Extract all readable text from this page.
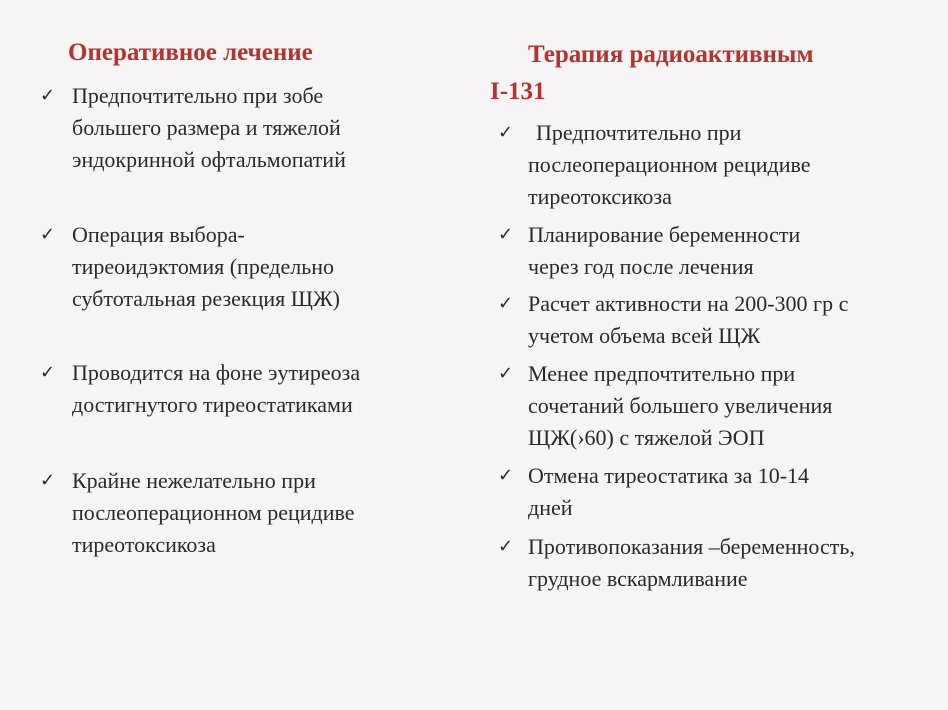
Оперативное лечение
✓ Предпочтительно при зобе
большего размера и тяжелой
эндокринной офтальмопатий
✓ Операция выбора-
тиреоидэктомия (предельно
субтотальная резекция ЩЖ)
✓ Проводится на фоне эутиреоза
достигнутого тиреостатиками
✓ Крайне нежелательно при
послеоперационном рецидиве
тиреотоксикоза
Терапия радиоактивным
I-131
✓	Предпочтительно при
послеоперационном рецидиве
тиреотоксикоза
✓ Планирование беременности
через год после лечения
✓ Расчет активности на 200-300 гр с
учетом объема всей ЩЖ
✓ Менее предпочтительно при
сочетаний большего увеличения
ЩЖ(›60) с тяжелой ЭОП
✓ Отмена тиреостатика за 10-14
дней
✓ Противопоказания –беременность,
грудное вскармливание
